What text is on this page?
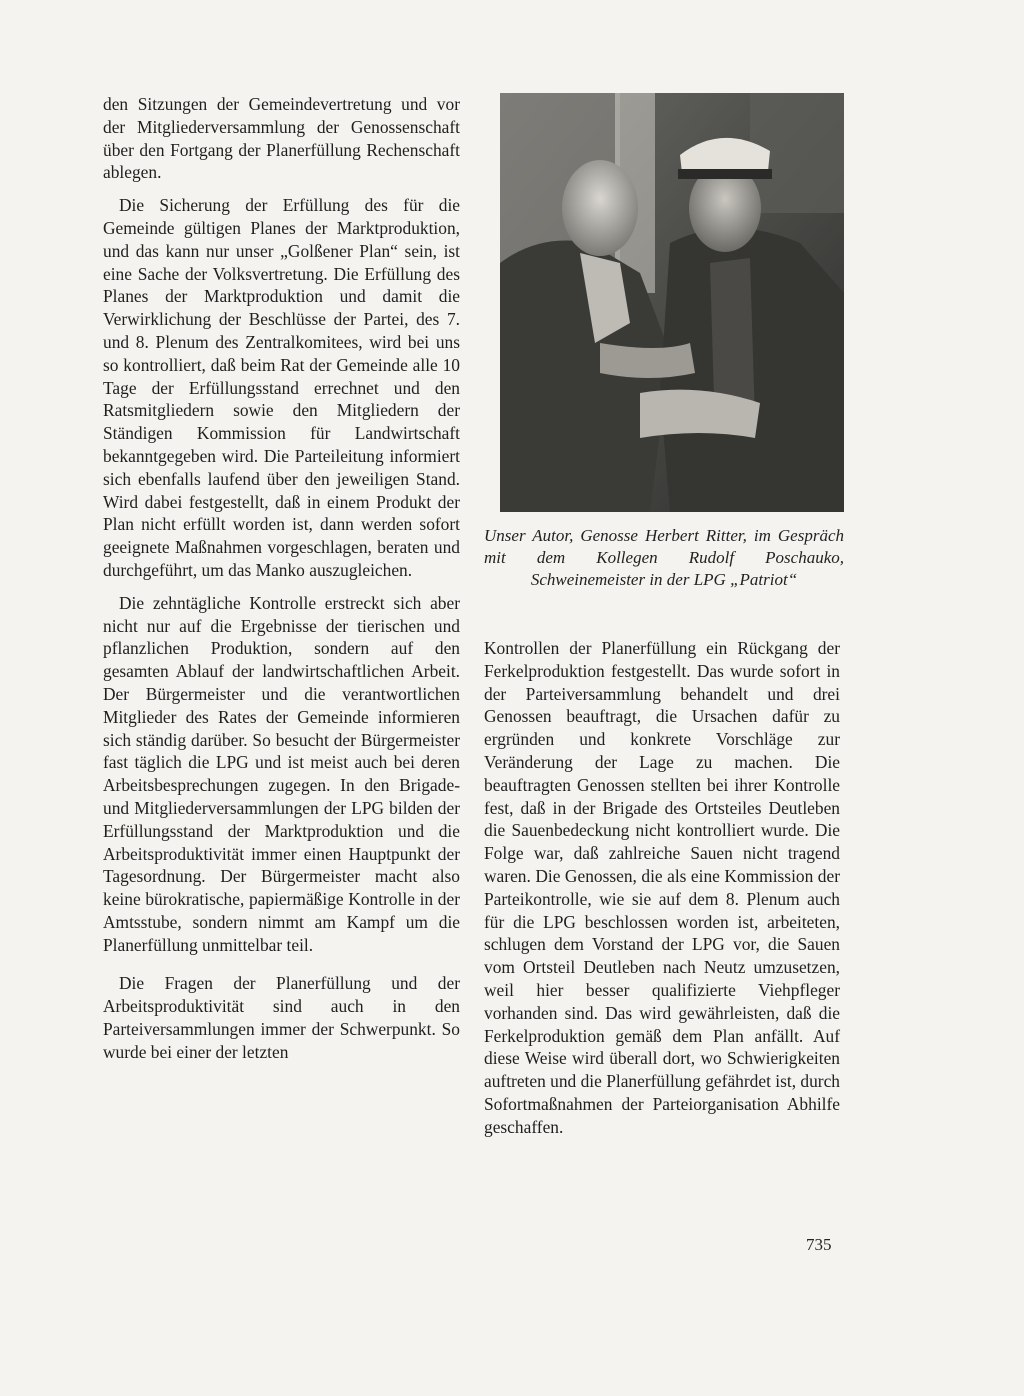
den Sitzungen der Gemeindevertretung und vor der Mitgliederversammlung der Genossenschaft über den Fortgang der Planerfüllung Rechenschaft ablegen.

Die Sicherung der Erfüllung des für die Gemeinde gültigen Planes der Marktproduktion, und das kann nur unser „Golßener Plan“ sein, ist eine Sache der Volksvertretung. Die Erfüllung des Planes der Marktproduktion und damit die Verwirklichung der Beschlüsse der Partei, des 7. und 8. Plenum des Zentralkomitees, wird bei uns so kontrolliert, daß beim Rat der Gemeinde alle 10 Tage der Erfüllungsstand errechnet und den Ratsmitgliedern sowie den Mitgliedern der Ständigen Kommission für Landwirtschaft bekanntgegeben wird. Die Parteileitung informiert sich ebenfalls laufend über den jeweiligen Stand. Wird dabei festgestellt, daß in einem Produkt der Plan nicht erfüllt worden ist, dann werden sofort geeignete Maßnahmen vorgeschlagen, beraten und durchgeführt, um das Manko auszugleichen.

Die zehntägliche Kontrolle erstreckt sich aber nicht nur auf die Ergebnisse der tierischen und pflanzlichen Produktion, sondern auf den gesamten Ablauf der landwirtschaftlichen Arbeit. Der Bürgermeister und die verantwortlichen Mitglieder des Rates der Gemeinde informieren sich ständig darüber. So besucht der Bürgermeister fast täglich die LPG und ist meist auch bei deren Arbeitsbesprechungen zugegen. In den Brigade- und Mitgliederversammlungen der LPG bilden der Erfüllungsstand der Marktproduktion und die Arbeitsproduktivität immer einen Hauptpunkt der Tagesordnung. Der Bürgermeister macht also keine bürokratische, papiermäßige Kontrolle in der Amtsstube, sondern nimmt am Kampf um die Planerfüllung unmittelbar teil.

Die Fragen der Planerfüllung und der Arbeitsproduktivität sind auch in den Parteiversammlungen immer der Schwerpunkt. So wurde bei einer der letzten

Unser Autor, Genosse Herbert Ritter, im Gespräch mit dem Kollegen Rudolf Poschauko, Schweinemeister in der LPG „Patriot“

Kontrollen der Planerfüllung ein Rückgang der Ferkelproduktion festgestellt. Das wurde sofort in der Parteiversammlung behandelt und drei Genossen beauftragt, die Ursachen dafür zu ergründen und konkrete Vorschläge zur Veränderung der Lage zu machen. Die beauftragten Genossen stellten bei ihrer Kontrolle fest, daß in der Brigade des Ortsteiles Deutleben die Sauenbedeckung nicht kontrolliert wurde. Die Folge war, daß zahlreiche Sauen nicht tragend waren. Die Genossen, die als eine Kommission der Parteikontrolle, wie sie auf dem 8. Plenum auch für die LPG beschlossen worden ist, arbeiteten, schlugen dem Vorstand der LPG vor, die Sauen vom Ortsteil Deutleben nach Neutz umzusetzen, weil hier besser qualifizierte Viehpfleger vorhanden sind. Das wird gewährleisten, daß die Ferkelproduktion gemäß dem Plan anfällt. Auf diese Weise wird überall dort, wo Schwierigkeiten auftreten und die Planerfüllung gefährdet ist, durch Sofortmaßnahmen der Parteiorganisation Abhilfe geschaffen.

735
